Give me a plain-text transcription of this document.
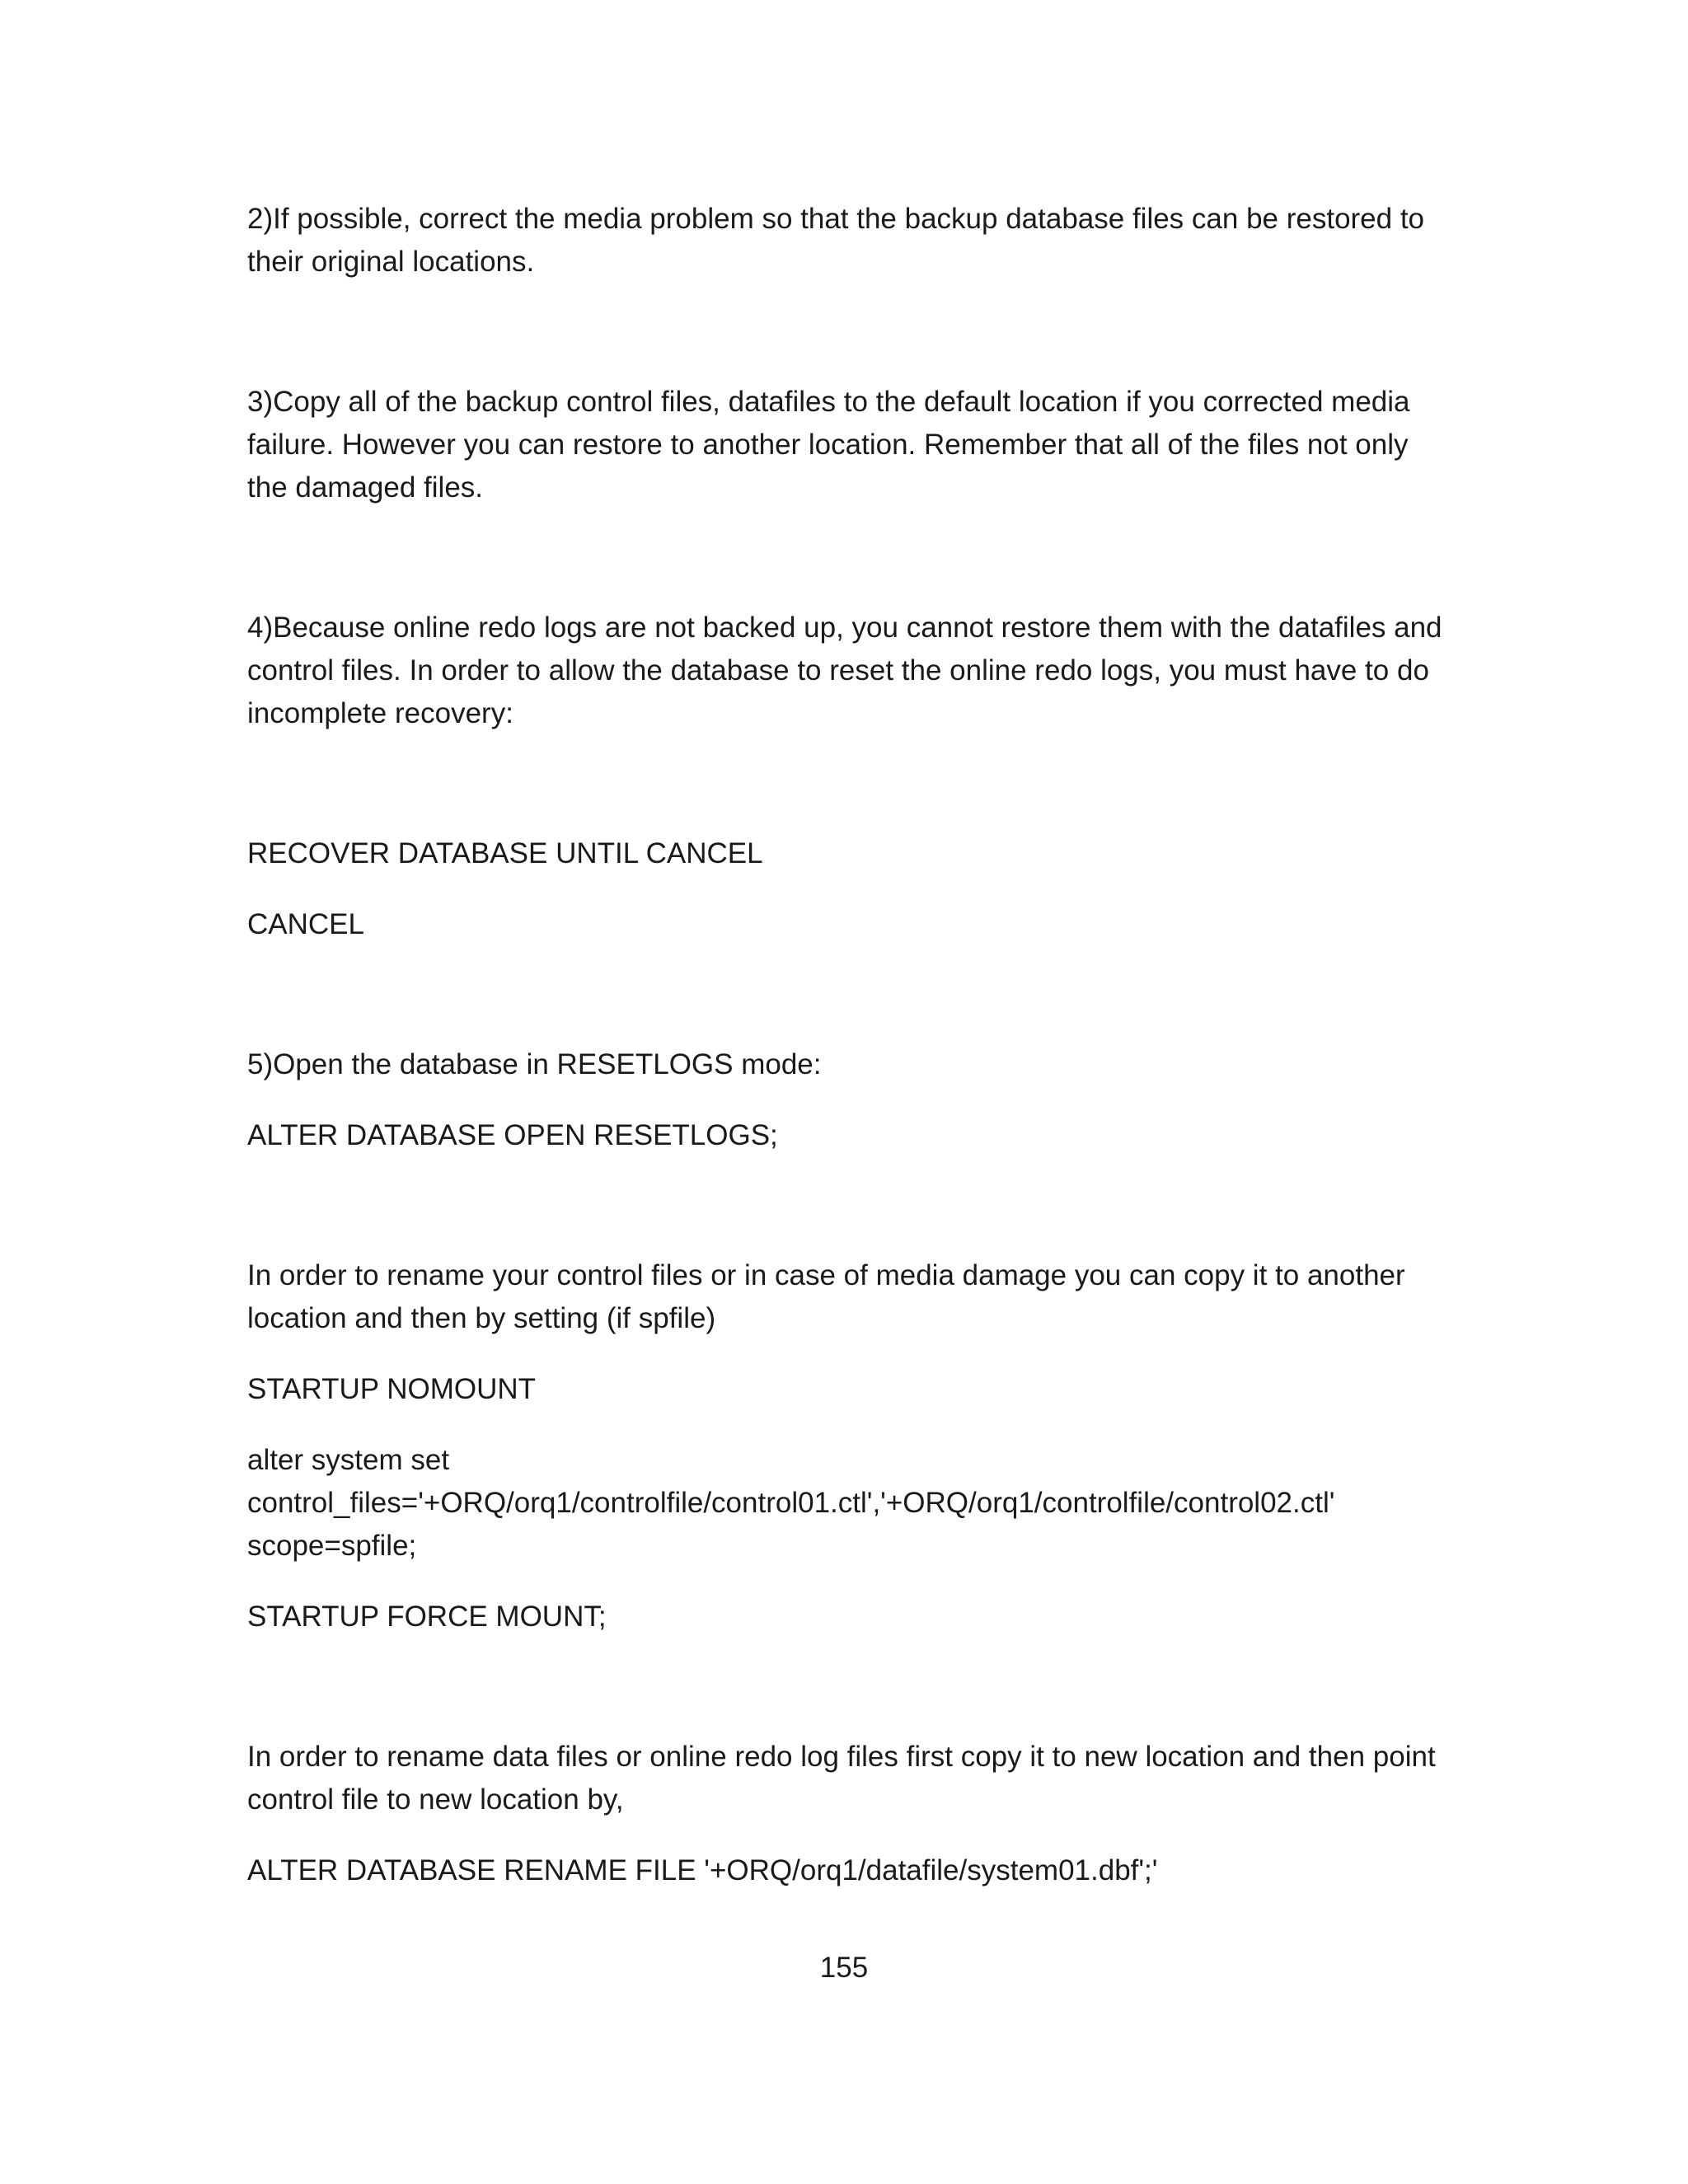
2)If possible, correct the media problem so that the backup database files can be restored to their original locations.

3)Copy all of the backup control files, datafiles to the default location if you corrected media failure. However you can restore to another location. Remember that all of the files not only the damaged files.

4)Because online redo logs are not backed up, you cannot restore them with the datafiles and control files. In order to allow the database to reset the online redo logs, you must have to do incomplete recovery:

RECOVER DATABASE UNTIL CANCEL

CANCEL

5)Open the database in RESETLOGS mode:

ALTER DATABASE OPEN RESETLOGS;

In order to rename your control files or in case of media damage you can copy it to another location and then by setting (if spfile)

STARTUP NOMOUNT

alter system set control_files='+ORQ/orq1/controlfile/control01.ctl','+ORQ/orq1/controlfile/control02.ctl' scope=spfile;

STARTUP FORCE MOUNT;

In order to rename data files or online redo log files first copy it to new location and then point control file to new location by,

ALTER DATABASE RENAME FILE '+ORQ/orq1/datafile/system01.dbf';'

155
